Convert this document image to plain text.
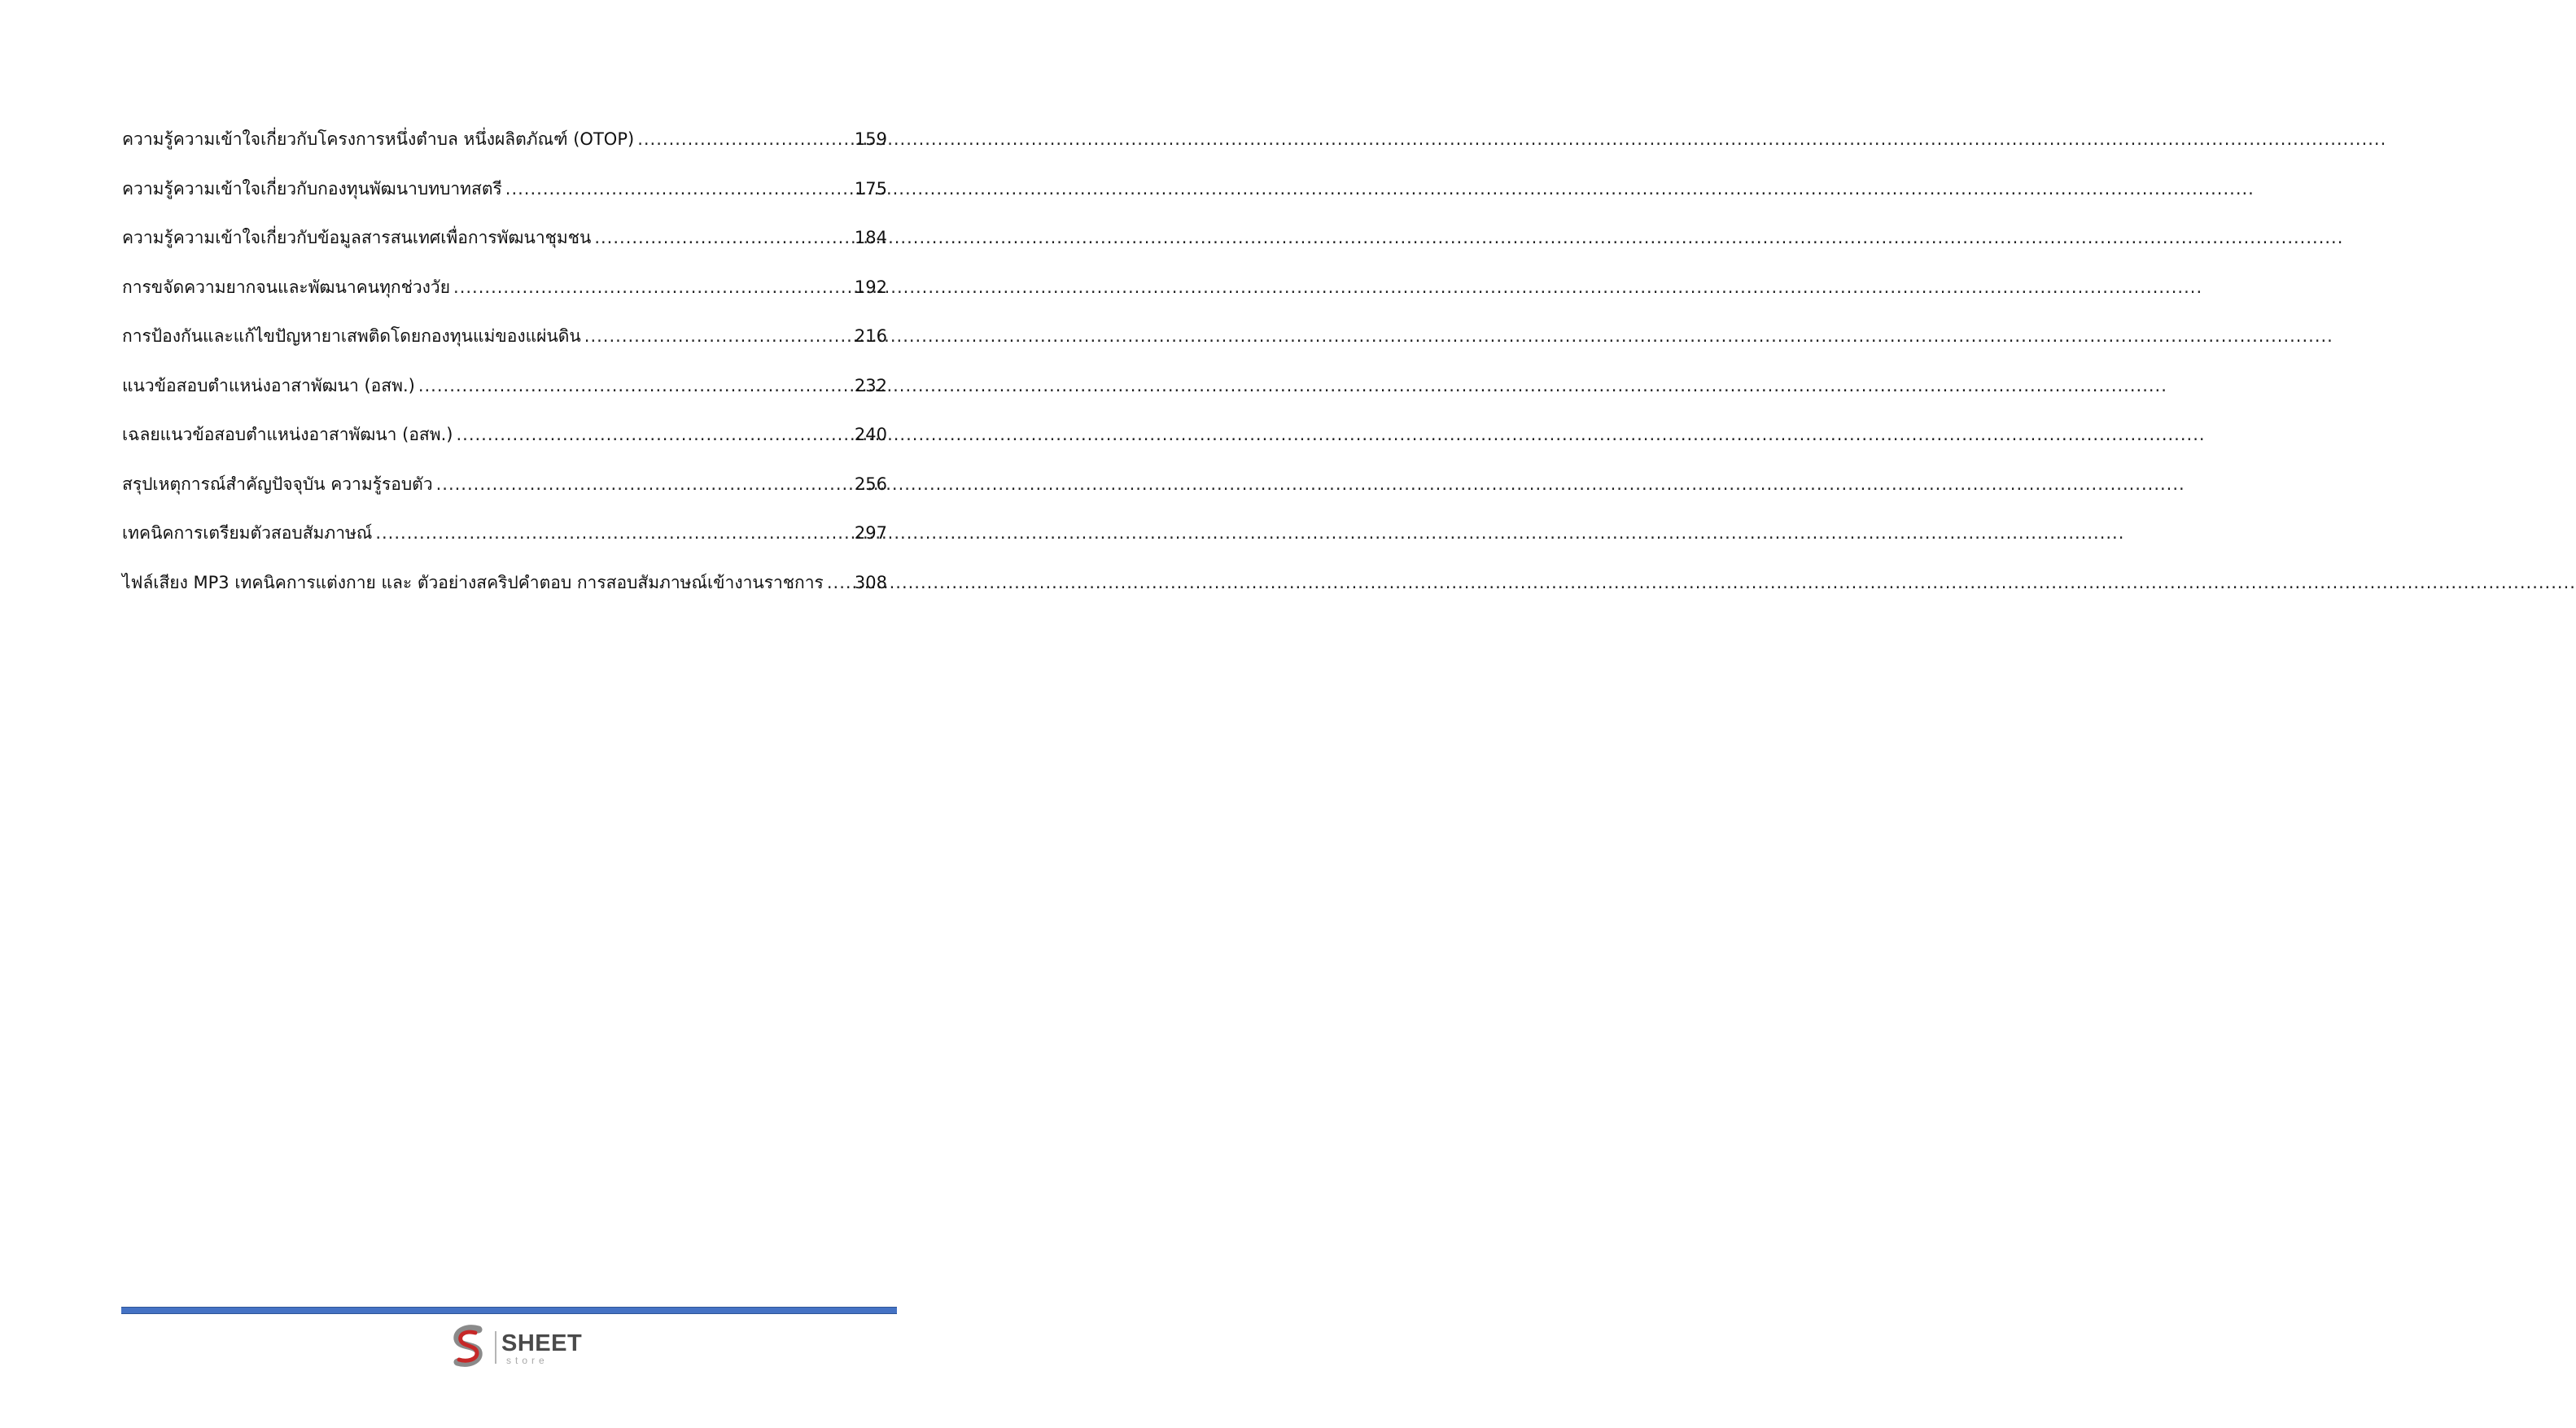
ความรู้ความเข้าใจเกี่ยวกับโครงการหนึ่งตำบล หนึ่งผลิตภัณฑ์ (OTOP) .....	159
ความรู้ความเข้าใจเกี่ยวกับกองทุนพัฒนาบทบาทสตรี .....	175
ความรู้ความเข้าใจเกี่ยวกับข้อมูลสารสนเทศเพื่อการพัฒนาชุมชน .....	184
การขจัดความยากจนและพัฒนาคนทุกช่วงวัย .....	192
การป้องกันและแก้ไขปัญหายาเสพติดโดยกองทุนแม่ของแผ่นดิน .....	216
แนวข้อสอบตำแหน่งอาสาพัฒนา (อสพ.) .....	232
เฉลยแนวข้อสอบตำแหน่งอาสาพัฒนา (อสพ.) .....	240
สรุปเหตุการณ์สำคัญปัจจุบัน ความรู้รอบตัว .....	256
เทคนิคการเตรียมตัวสอบสัมภาษณ์ .....	297
ไฟล์เสียง MP3 เทคนิคการแต่งกาย และ ตัวอย่างสคริปคำตอบ การสอบสัมภาษณ์เข้างานราชการ ..... 308
SHEET
store
